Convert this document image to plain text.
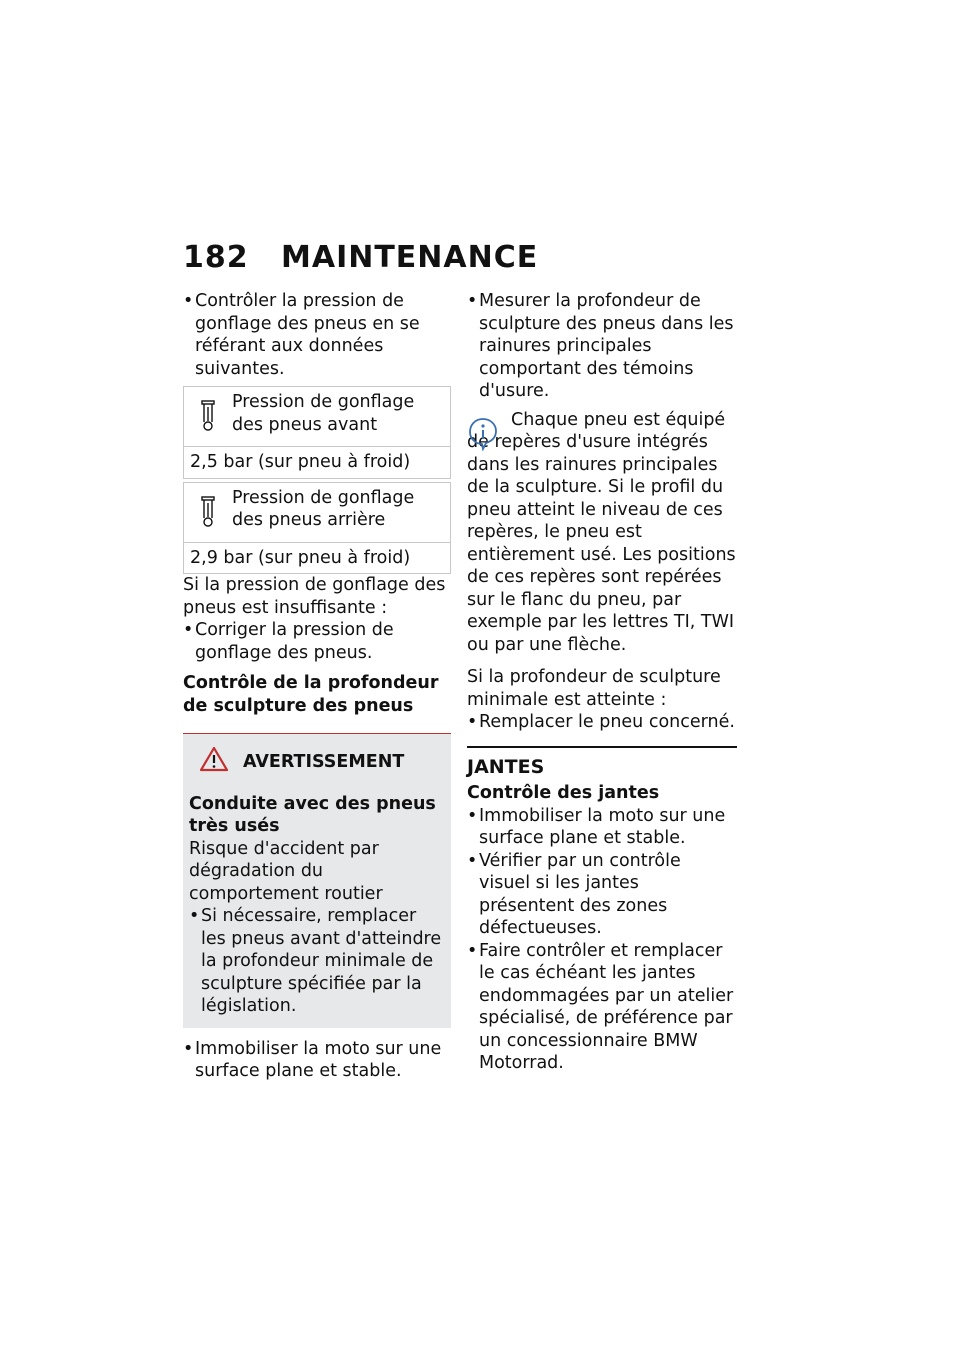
182 MAINTENANCE

• Contrôler la pression de gonflage des pneus en se référant aux données suivantes.

Pression de gonflage des pneus avant
2,5 bar (sur pneu à froid)
Pression de gonflage des pneus arrière
2,9 bar (sur pneu à froid)

Si la pression de gonflage des pneus est insuffisante :

• Corriger la pression de gonflage des pneus.

Contrôle de la profondeur de sculpture des pneus

AVERTISSEMENT

Conduite avec des pneus très usés

Risque d'accident par dégradation du comportement routier

• Si nécessaire, remplacer les pneus avant d'atteindre la profondeur minimale de sculpture spécifiée par la législation.

• Immobiliser la moto sur une surface plane et stable.

• Mesurer la profondeur de sculpture des pneus dans les rainures principales comportant des témoins d'usure.

Chaque pneu est équipé de repères d'usure intégrés dans les rainures principales de la sculpture. Si le profil du pneu atteint le niveau de ces repères, le pneu est entièrement usé. Les positions de ces repères sont repérées sur le flanc du pneu, par exemple par les lettres TI, TWI ou par une flèche.

Si la profondeur de sculpture minimale est atteinte :

• Remplacer le pneu concerné.

JANTES

Contrôle des jantes

• Immobiliser la moto sur une surface plane et stable.

• Vérifier par un contrôle visuel si les jantes présentent des zones défectueuses.

• Faire contrôler et remplacer le cas échéant les jantes endommagées par un atelier spécialisé, de préférence par un concessionnaire BMW Motorrad.
